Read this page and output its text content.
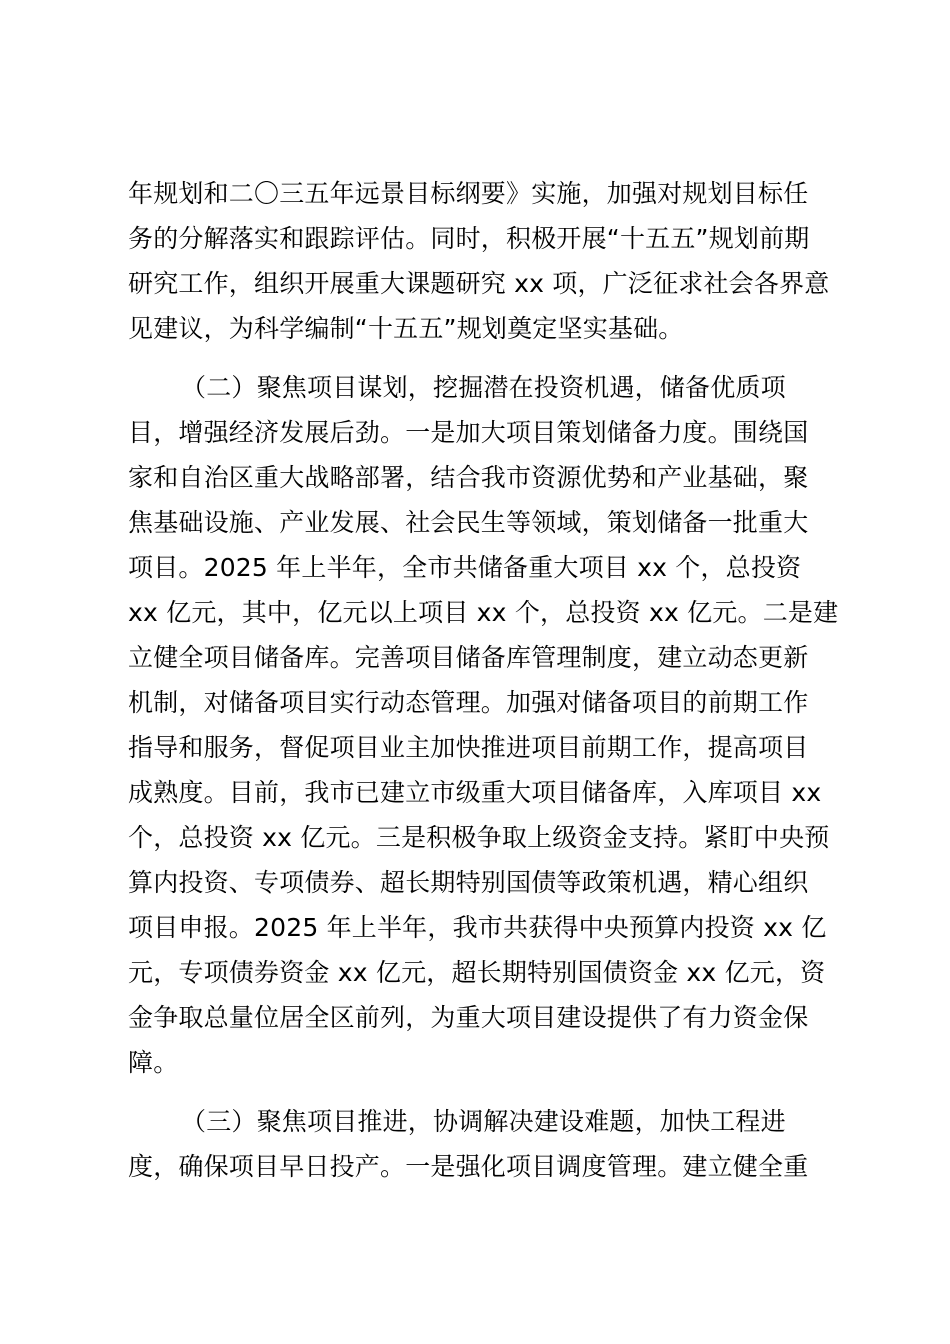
年规划和二〇三五年远景目标纲要》实施，加强对规划目标任
务的分解落实和跟踪评估。同时，积极开展“十五五”规划前期
研究工作，组织开展重大课题研究 xx 项，广泛征求社会各界意
见建议，为科学编制“十五五”规划奠定坚实基础。
（二）聚焦项目谋划，挖掘潜在投资机遇，储备优质项
目，增强经济发展后劲。一是加大项目策划储备力度。围绕国
家和自治区重大战略部署，结合我市资源优势和产业基础，聚
焦基础设施、产业发展、社会民生等领域，策划储备一批重大
项目。2025 年上半年，全市共储备重大项目 xx 个，总投资
xx 亿元，其中，亿元以上项目 xx 个，总投资 xx 亿元。二是建
立健全项目储备库。完善项目储备库管理制度，建立动态更新
机制，对储备项目实行动态管理。加强对储备项目的前期工作
指导和服务，督促项目业主加快推进项目前期工作，提高项目
成熟度。目前，我市已建立市级重大项目储备库，入库项目 xx
个，总投资 xx 亿元。三是积极争取上级资金支持。紧盯中央预
算内投资、专项债券、超长期特别国债等政策机遇，精心组织
项目申报。2025 年上半年，我市共获得中央预算内投资 xx 亿
元，专项债券资金 xx 亿元，超长期特别国债资金 xx 亿元，资
金争取总量位居全区前列，为重大项目建设提供了有力资金保
障。
（三）聚焦项目推进，协调解决建设难题，加快工程进
度，确保项目早日投产。一是强化项目调度管理。建立健全重
